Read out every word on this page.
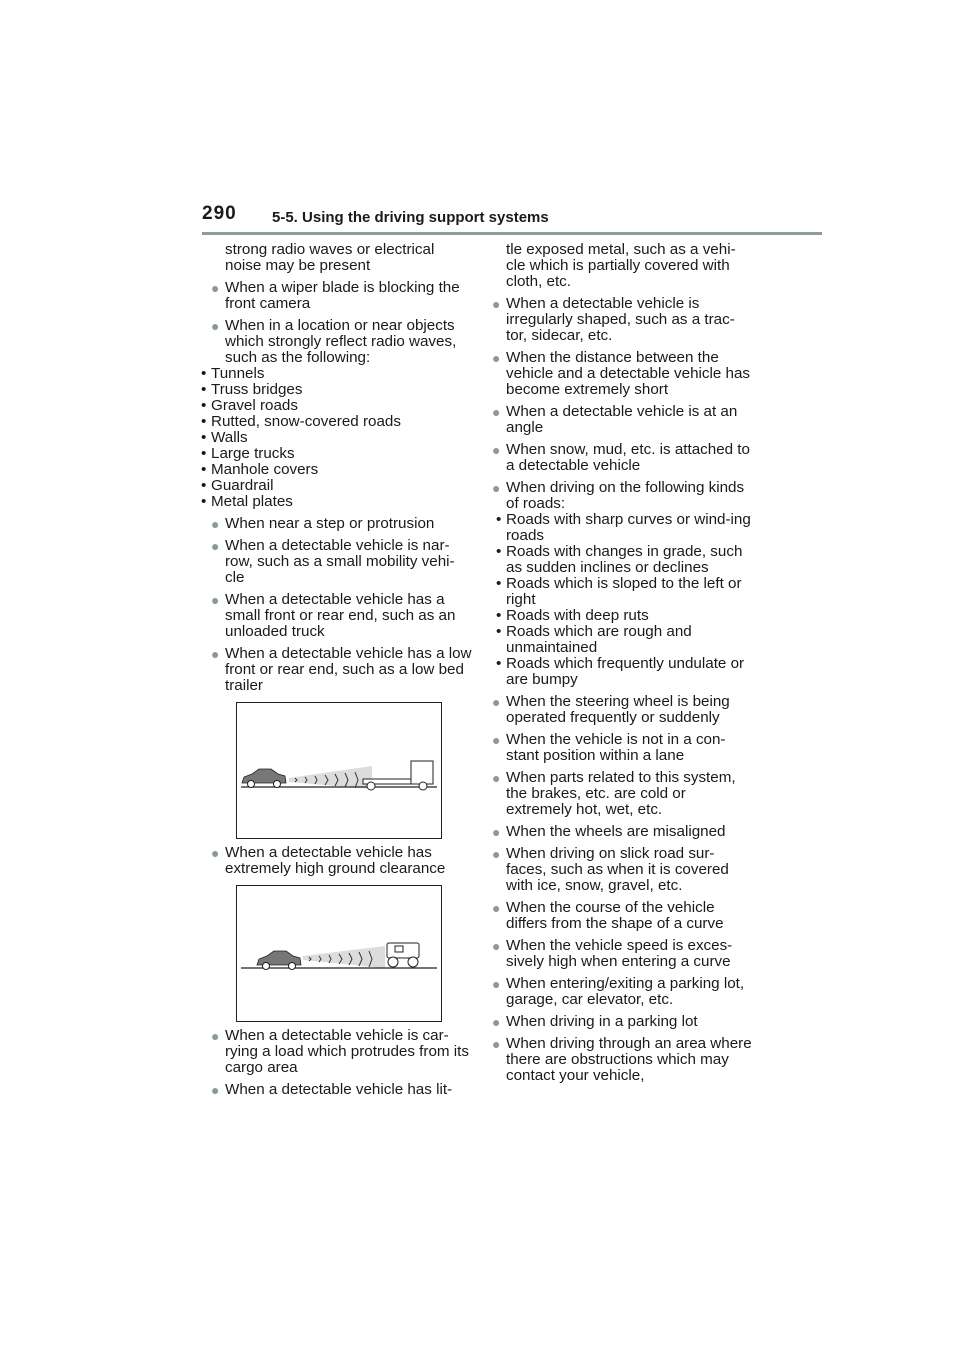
290 5-5. Using the driving support systems
strong radio waves or electrical noise may be present
● When a wiper blade is blocking the front camera
● When in a location or near objects which strongly reflect radio waves, such as the following:
• Tunnels
• Truss bridges
• Gravel roads
• Rutted, snow-covered roads
• Walls
• Large trucks
• Manhole covers
• Guardrail
• Metal plates
● When near a step or protrusion
● When a detectable vehicle is nar-row, such as a small mobility vehi-cle
● When a detectable vehicle has a small front or rear end, such as an unloaded truck
● When a detectable vehicle has a low front or rear end, such as a low bed trailer
● When a detectable vehicle has extremely high ground clearance
● When a detectable vehicle is car-rying a load which protrudes from its cargo area
● When a detectable vehicle has lit-
tle exposed metal, such as a vehi-cle which is partially covered with cloth, etc.
● When a detectable vehicle is irregularly shaped, such as a trac-tor, sidecar, etc.
● When the distance between the vehicle and a detectable vehicle has become extremely short
● When a detectable vehicle is at an angle
● When snow, mud, etc. is attached to a detectable vehicle
● When driving on the following kinds of roads:
• Roads with sharp curves or wind-ing roads
• Roads with changes in grade, such as sudden inclines or declines
• Roads which is sloped to the left or right
• Roads with deep ruts
• Roads which are rough and unmaintained
• Roads which frequently undulate or are bumpy
● When the steering wheel is being operated frequently or suddenly
● When the vehicle is not in a con-stant position within a lane
● When parts related to this system, the brakes, etc. are cold or extremely hot, wet, etc.
● When the wheels are misaligned
● When driving on slick road sur-faces, such as when it is covered with ice, snow, gravel, etc.
● When the course of the vehicle differs from the shape of a curve
● When the vehicle speed is exces-sively high when entering a curve
● When entering/exiting a parking lot, garage, car elevator, etc.
● When driving in a parking lot
● When driving through an area where there are obstructions which may contact your vehicle,
